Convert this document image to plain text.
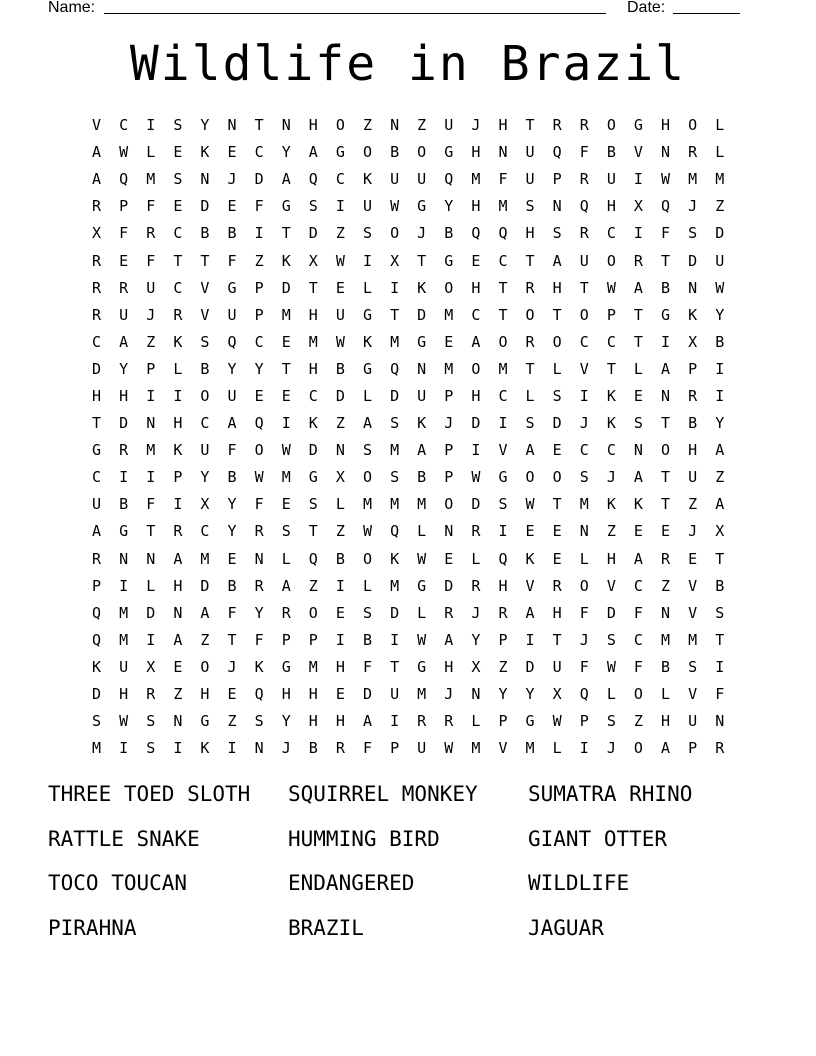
Name:

	Date:

Wildlife in Brazil
V	C	I	S	Y	N	T	N	H	O	Z	N	Z	U	J	H	T	R	R	O	G	H	O	L
A	W	L	E	K	E	C	Y	A	G	O	B	O	G	H	N	U	Q	F	B	V	N	R	L
A	Q	M	S	N	J	D	A	Q	C	K	U	U	Q	M	F	U	P	R	U	I	W	M	M
R	P	F	E	D	E	F	G	S	I	U	W	G	Y	H	M	S	N	Q	H	X	Q	J	Z
X	F	R	C	B	B	I	T	D	Z	S	O	J	B	Q	Q	H	S	R	C	I	F	S	D
R	E	F	T	T	F	Z	K	X	W	I	X	T	G	E	C	T	A	U	O	R	T	D	U
R	R	U	C	V	G	P	D	T	E	L	I	K	O	H	T	R	H	T	W	A	B	N	W
R	U	J	R	V	U	P	M	H	U	G	T	D	M	C	T	O	T	O	P	T	G	K	Y
C	A	Z	K	S	Q	C	E	M	W	K	M	G	E	A	O	R	O	C	C	T	I	X	B
D	Y	P	L	B	Y	Y	T	H	B	G	Q	N	M	O	M	T	L	V	T	L	A	P	I
H	H	I	I	O	U	E	E	C	D	L	D	U	P	H	C	L	S	I	K	E	N	R	I
T	D	N	H	C	A	Q	I	K	Z	A	S	K	J	D	I	S	D	J	K	S	T	B	Y
G	R	M	K	U	F	O	W	D	N	S	M	A	P	I	V	A	E	C	C	N	O	H	A
C	I	I	P	Y	B	W	M	G	X	O	S	B	P	W	G	O	O	S	J	A	T	U	Z
U	B	F	I	X	Y	F	E	S	L	M	M	M	O	D	S	W	T	M	K	K	T	Z	A
A	G	T	R	C	Y	R	S	T	Z	W	Q	L	N	R	I	E	E	N	Z	E	E	J	X
R	N	N	A	M	E	N	L	Q	B	O	K	W	E	L	Q	K	E	L	H	A	R	E	T
P	I	L	H	D	B	R	A	Z	I	L	M	G	D	R	H	V	R	O	V	C	Z	V	B
Q	M	D	N	A	F	Y	R	O	E	S	D	L	R	J	R	A	H	F	D	F	N	V	S
Q	M	I	A	Z	T	F	P	P	I	B	I	W	A	Y	P	I	T	J	S	C	M	M	T
K	U	X	E	O	J	K	G	M	H	F	T	G	H	X	Z	D	U	F	W	F	B	S	I
D	H	R	Z	H	E	Q	H	H	E	D	U	M	J	N	Y	Y	X	Q	L	O	L	V	F
S	W	S	N	G	Z	S	Y	H	H	A	I	R	R	L	P	G	W	P	S	Z	H	U	N
M	I	S	I	K	I	N	J	B	R	F	P	U	W	M	V	M	L	I	J	O	A	P	R
THREE TOED SLOTH	SQUIRREL MONKEY	SUMATRA RHINO
RATTLE SNAKE	HUMMING BIRD	GIANT OTTER
TOCO TOUCAN	ENDANGERED	WILDLIFE
PIRAHNA	BRAZIL	JAGUAR
